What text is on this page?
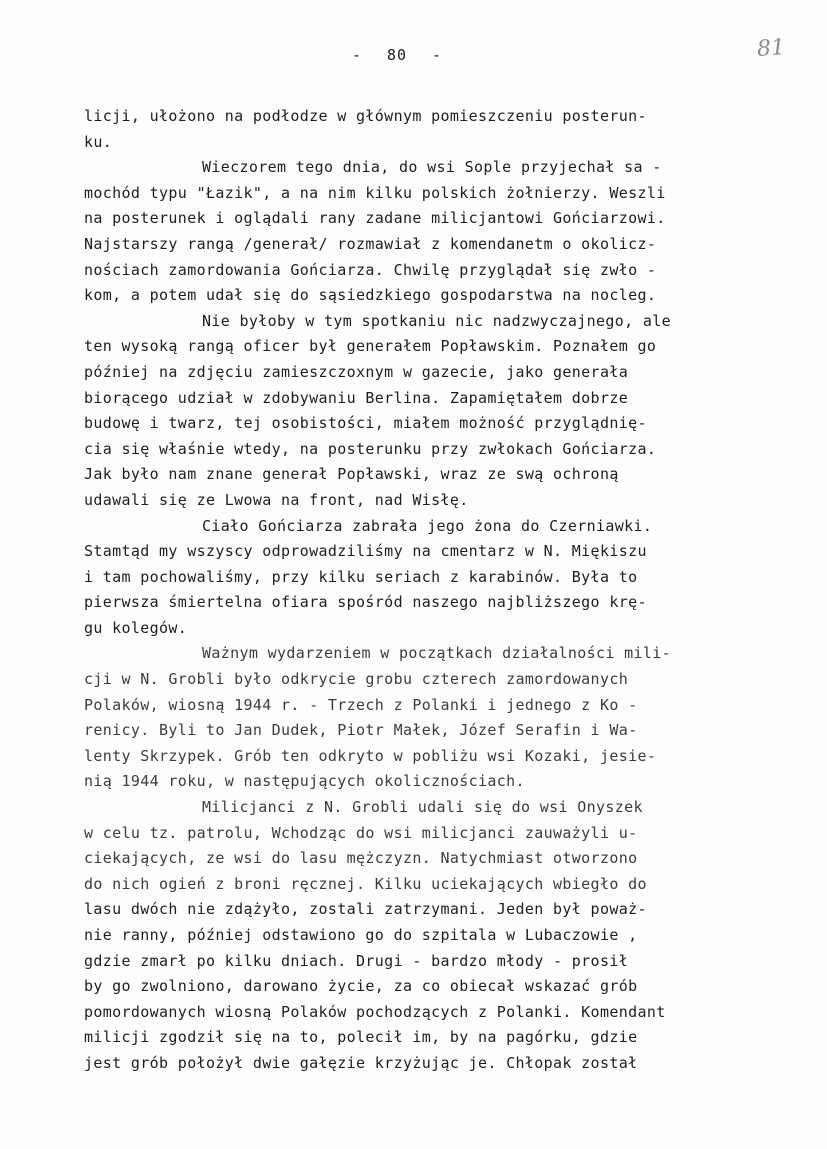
- 80 -	81
licji, ułożono na podłodze w głównym pomieszczeniu posterun-
ku.
Wieczorem tego dnia, do wsi Sople przyjechał sa -
mochód typu "Łazik", a na nim kilku polskich żołnierzy. Weszli
na posterunek i oglądali rany zadane milicjantowi Gońciarzowi.
Najstarszy rangą /generał/ rozmawiał z komendanetm o okolicz-
nościach zamordowania Gońciarza. Chwilę przyglądał się zwło -
kom, a potem udał się do sąsiedzkiego gospodarstwa na nocleg.
Nie byłoby w tym spotkaniu nic nadzwyczajnego, ale
ten wysoką rangą oficer był generałem Popławskim. Poznałem go
później na zdjęciu zamieszczoxnym w gazecie, jako generała
biorącego udział w zdobywaniu Berlina. Zapamiętałem dobrze
budowę i twarz, tej osobistości, miałem możność przyglądnię-
cia się właśnie wtedy, na posterunku przy zwłokach Gońciarza.
Jak było nam znane generał Popławski, wraz ze swą ochroną
udawali się ze Lwowa na front, nad Wisłę.
Ciało Gońciarza zabrała jego żona do Czerniawki.
Stamtąd my wszyscy odprowadziliśmy na cmentarz w N. Miękiszu
i tam pochowaliśmy, przy kilku seriach z karabinów. Była to
pierwsza śmiertelna ofiara spośród naszego najbliższego krę-
gu kolegów.
Ważnym wydarzeniem w początkach działalności mili-
cji w N. Grobli było odkrycie grobu czterech zamordowanych
Polaków, wiosną 1944 r. - Trzech z Polanki i jednego z Ko -
renicy. Byli to Jan Dudek, Piotr Małek, Józef Serafin i Wa-
lenty Skrzypek. Grób ten odkryto w pobliżu wsi Kozaki, jesie-
nią 1944 roku, w następujących okolicznościach.
Milicjanci z N. Grobli udali się do wsi Onyszek
w celu tz. patrolu, Wchodząc do wsi milicjanci zauważyli u-
ciekających, ze wsi do lasu mężczyzn. Natychmiast otworzono
do nich ogień z broni ręcznej. Kilku uciekających wbiegło do
lasu dwóch nie zdążyło, zostali zatrzymani. Jeden był poważ-
nie ranny, później odstawiono go do szpitala w Lubaczowie ,
gdzie zmarł po kilku dniach. Drugi - bardzo młody - prosił
by go zwolniono, darowano życie, za co obiecał wskazać grób
pomordowanych wiosną Polaków pochodzących z Polanki. Komendant
milicji zgodził się na to, polecił im, by na pagórku, gdzie
jest grób położył dwie gałęzie krzyżując je. Chłopak został
